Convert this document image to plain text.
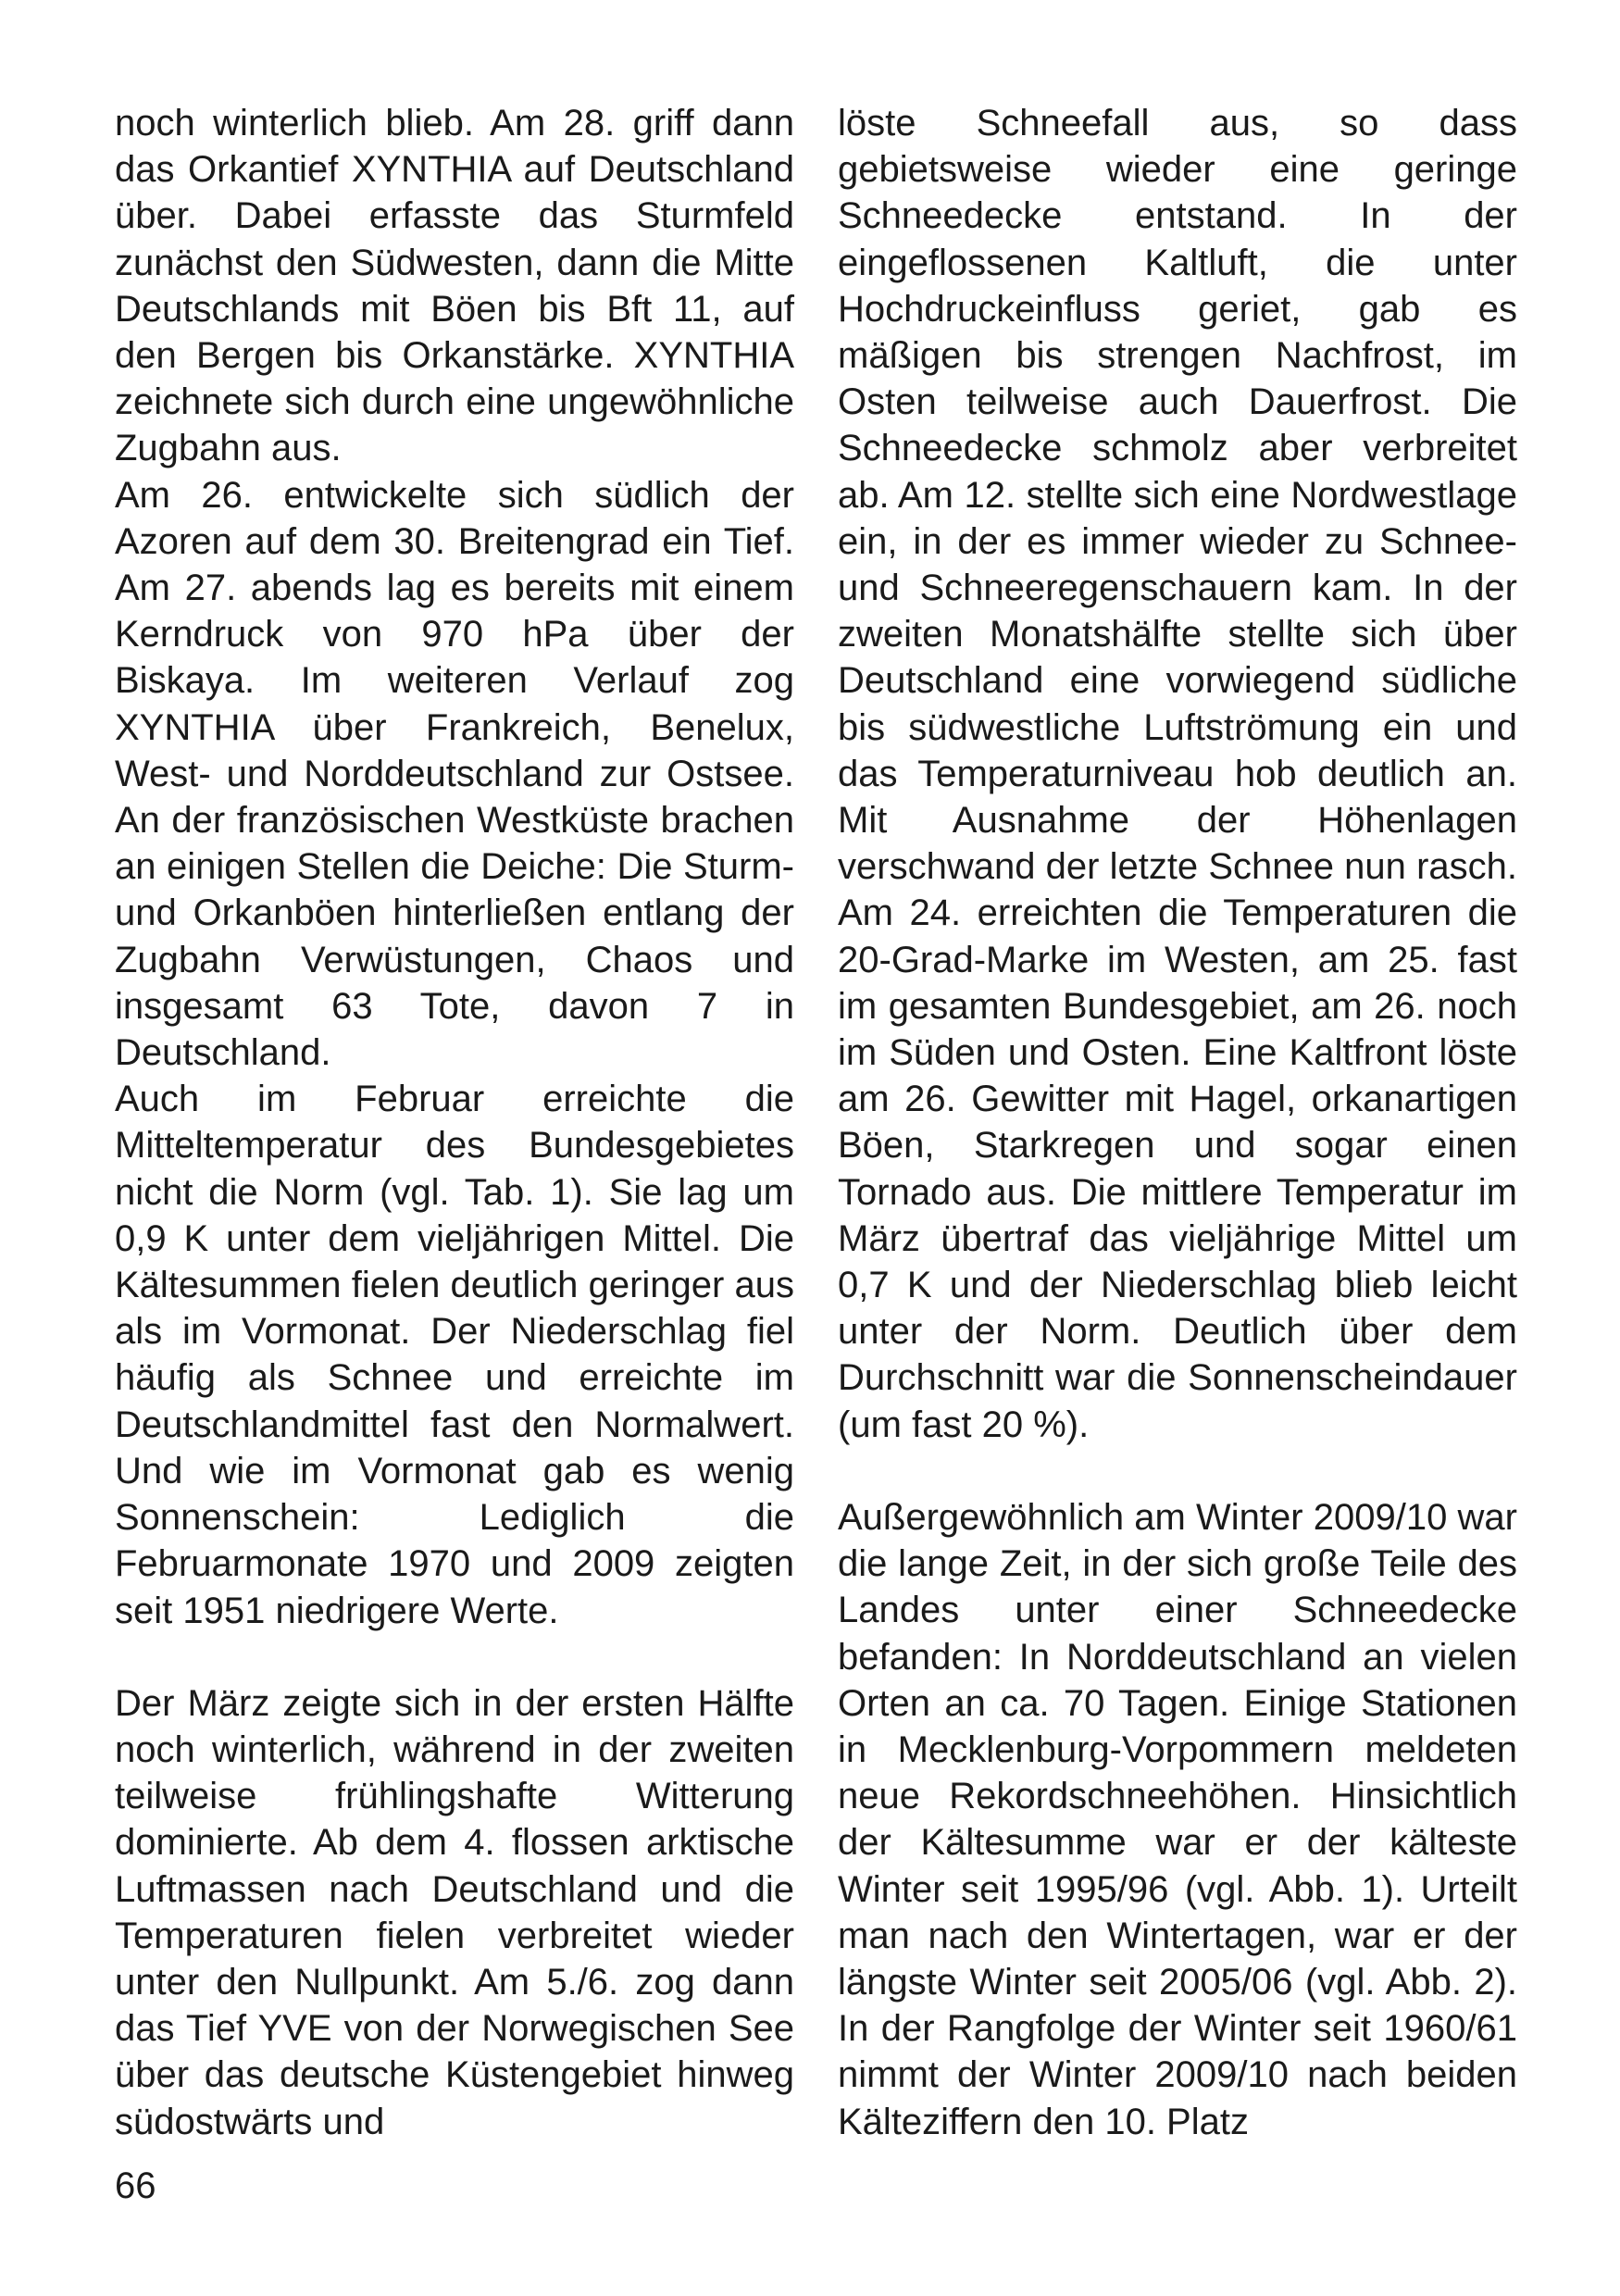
noch winterlich blieb. Am 28. griff dann das Orkantief XYNTHIA auf Deutschland über. Dabei erfasste das Sturmfeld zunächst den Südwesten, dann die Mitte Deutschlands mit Böen bis Bft 11, auf den Bergen bis Orkanstärke. XYNTHIA zeichnete sich durch eine ungewöhnliche Zugbahn aus.

Am 26. entwickelte sich südlich der Azoren auf dem 30. Breitengrad ein Tief. Am 27. abends lag es bereits mit einem Kerndruck von 970 hPa über der Biskaya. Im weiteren Verlauf zog XYNTHIA über Frankreich, Benelux, West- und Norddeutschland zur Ostsee. An der französischen Westküste brachen an einigen Stellen die Deiche: Die Sturm- und Orkanböen hinterließen entlang der Zugbahn Verwüstungen, Chaos und insgesamt 63 Tote, davon 7 in Deutschland.

Auch im Februar erreichte die Mitteltemperatur des Bundesgebietes nicht die Norm (vgl. Tab. 1). Sie lag um 0,9 K unter dem vieljährigen Mittel. Die Kältesummen fielen deutlich geringer aus als im Vormonat. Der Niederschlag fiel häufig als Schnee und erreichte im Deutschlandmittel fast den Normalwert. Und wie im Vormonat gab es wenig Sonnenschein: Lediglich die Februarmonate 1970 und 2009 zeigten seit 1951 niedrigere Werte.

Der März zeigte sich in der ersten Hälfte noch winterlich, während in der zweiten teilweise frühlingshafte Witterung dominierte. Ab dem 4. flossen arktische Luftmassen nach Deutschland und die Temperaturen fielen verbreitet wieder unter den Nullpunkt. Am 5./6. zog dann das Tief YVE von der Norwegischen See über das deutsche Küstengebiet hinweg südostwärts und

löste Schneefall aus, so dass gebietsweise wieder eine geringe Schneedecke entstand. In der eingeflossenen Kaltluft, die unter Hochdruckeinfluss geriet, gab es mäßigen bis strengen Nachfrost, im Osten teilweise auch Dauerfrost. Die Schneedecke schmolz aber verbreitet ab. Am 12. stellte sich eine Nordwestlage ein, in der es immer wieder zu Schnee- und Schneeregenschauern kam. In der zweiten Monatshälfte stellte sich über Deutschland eine vorwiegend südliche bis südwestliche Luftströmung ein und das Temperaturniveau hob deutlich an. Mit Ausnahme der Höhenlagen verschwand der letzte Schnee nun rasch. Am 24. erreichten die Temperaturen die 20-Grad-Marke im Westen, am 25. fast im gesamten Bundesgebiet, am 26. noch im Süden und Osten. Eine Kaltfront löste am 26. Gewitter mit Hagel, orkanartigen Böen, Starkregen und sogar einen Tornado aus. Die mittlere Temperatur im März übertraf das vieljährige Mittel um 0,7 K und der Niederschlag blieb leicht unter der Norm. Deutlich über dem Durchschnitt war die Sonnenscheindauer (um fast 20 %).

Außergewöhnlich am Winter 2009/10 war die lange Zeit, in der sich große Teile des Landes unter einer Schneedecke befanden: In Norddeutschland an vielen Orten an ca. 70 Tagen. Einige Stationen in Mecklenburg-Vorpommern meldeten neue Rekordschneehöhen. Hinsichtlich der Kältesumme war er der kälteste Winter seit 1995/96 (vgl. Abb. 1). Urteilt man nach den Wintertagen, war er der längste Winter seit 2005/06 (vgl. Abb. 2). In der Rangfolge der Winter seit 1960/61 nimmt der Winter 2009/10 nach beiden Kälteziffern den 10. Platz

66
